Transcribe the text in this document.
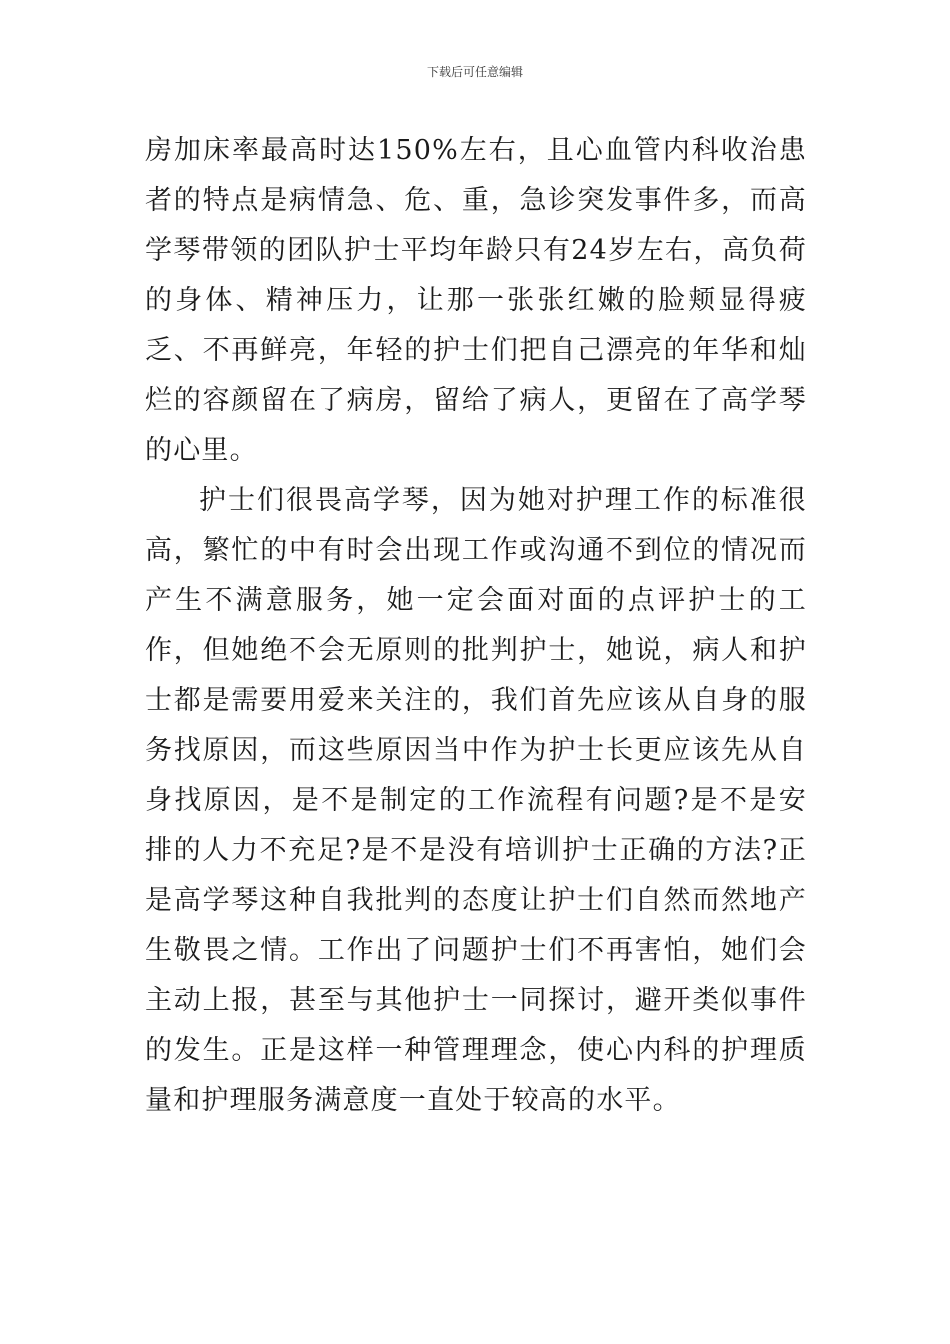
下载后可任意编辑

房加床率最高时达150%左右，且心血管内科收治患者的特点是病情急、危、重，急诊突发事件多，而高学琴带领的团队护士平均年龄只有24岁左右，高负荷的身体、精神压力，让那一张张红嫩的脸颊显得疲乏、不再鲜亮，年轻的护士们把自己漂亮的年华和灿烂的容颜留在了病房，留给了病人，更留在了高学琴的心里。

护士们很畏高学琴，因为她对护理工作的标准很高，繁忙的中有时会出现工作或沟通不到位的情况而产生不满意服务，她一定会面对面的点评护士的工作，但她绝不会无原则的批判护士，她说，病人和护士都是需要用爱来关注的，我们首先应该从自身的服务找原因，而这些原因当中作为护士长更应该先从自身找原因，是不是制定的工作流程有问题?是不是安排的人力不充足?是不是没有培训护士正确的方法?正是高学琴这种自我批判的态度让护士们自然而然地产生敬畏之情。工作出了问题护士们不再害怕，她们会主动上报，甚至与其他护士一同探讨，避开类似事件的发生。正是这样一种管理理念，使心内科的护理质量和护理服务满意度一直处于较高的水平。
